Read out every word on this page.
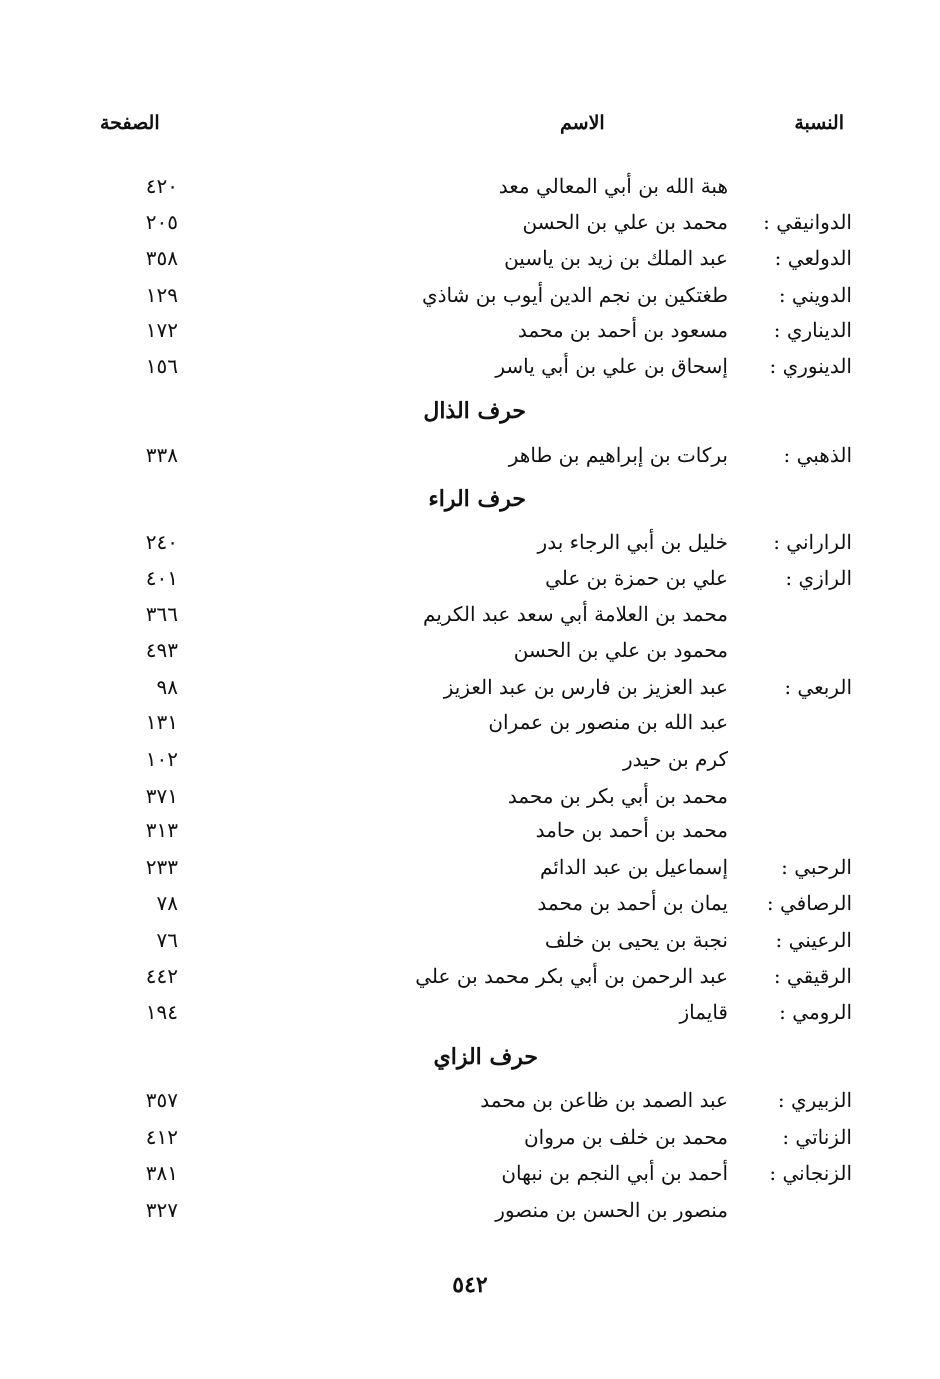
النسبة
الاسم
الصفحة
هبة الله بن أبي المعالي معد
٤٢٠
الدوانيقي :
محمد بن علي بن الحسن
٢٠٥
الدولعي :
عبد الملك بن زيد بن ياسين
٣٥٨
الدويني :
طغتكين بن نجم الدين أيوب بن شاذي
١٢٩
الديناري :
مسعود بن أحمد بن محمد
١٧٢
الدينوري :
إسحاق بن علي بن أبي ياسر
١٥٦
حرف الذال
الذهبي :
بركات بن إبراهيم بن طاهر
٣٣٨
حرف الراء
الراراني :
خليل بن أبي الرجاء بدر
٢٤٠
الرازي :
علي بن حمزة بن علي
٤٠١
محمد بن العلامة أبي سعد عبد الكريم
٣٦٦
محمود بن علي بن الحسن
٤٩٣
الربعي :
عبد العزيز بن فارس بن عبد العزيز
٩٨
عبد الله بن منصور بن عمران
١٣١
كرم بن حيدر
١٠٢
محمد بن أبي بكر بن محمد
٣٧١
محمد بن أحمد بن حامد
٣١٣
الرحبي :
إسماعيل بن عبد الدائم
٢٣٣
الرصافي :
يمان بن أحمد بن محمد
٧٨
الرعيني :
نجبة بن يحيى بن خلف
٧٦
الرقيقي :
عبد الرحمن بن أبي بكر محمد بن علي
٤٤٢
الرومي :
قايماز
١٩٤
حرف الزاي
الزبيري :
عبد الصمد بن ظاعن بن محمد
٣٥٧
الزناتي :
محمد بن خلف بن مروان
٤١٢
الزنجاني :
أحمد بن أبي النجم بن نبهان
٣٨١
منصور بن الحسن بن منصور
٣٢٧
٥٤٢
